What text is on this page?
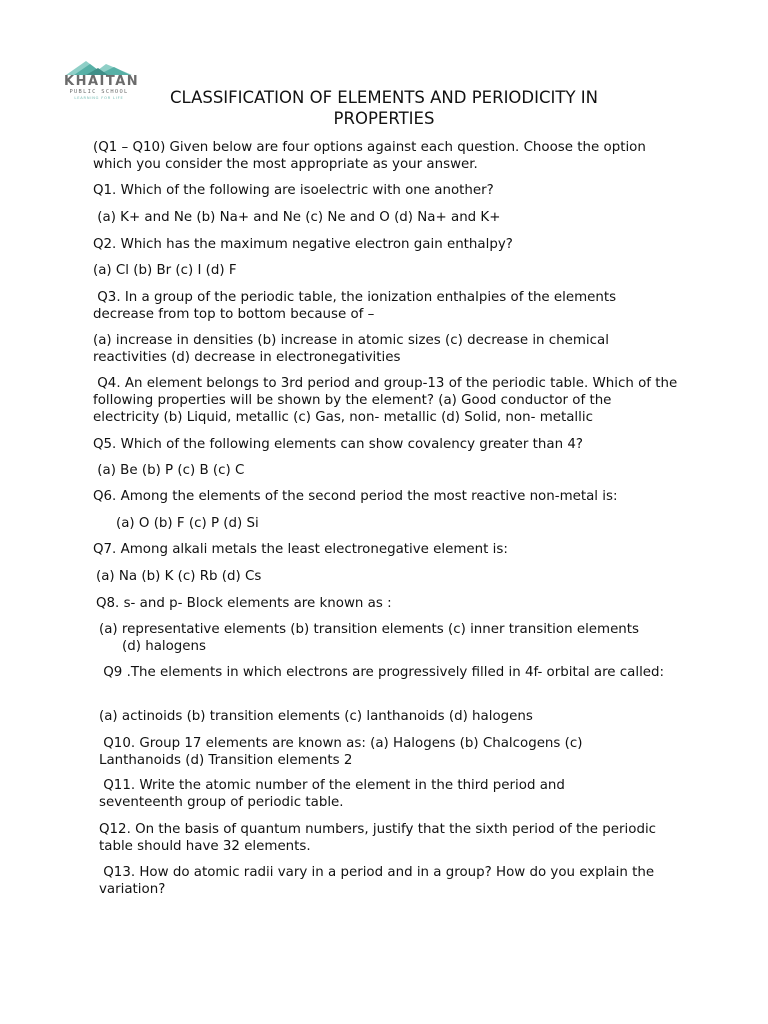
KHAITAN
PUBLIC SCHOOL
LEARNING FOR LIFE	CLASSIFICATION OF ELEMENTS AND PERIODICITY IN
PROPERTIES

(Q1 – Q10) Given below are four options against each question. Choose the option which you consider the most appropriate as your answer.

Q1. Which of the following are isoelectric with one another?

(a) K+ and Ne (b) Na+ and Ne (c) Ne and O (d) Na+ and K+

Q2. Which has the maximum negative electron gain enthalpy?

(a) Cl (b) Br (c) I (d) F

Q3. In a group of the periodic table, the ionization enthalpies of the elements decrease from top to bottom because of –

(a) increase in densities (b) increase in atomic sizes (c) decrease in chemical reactivities (d) decrease in electronegativities

Q4. An element belongs to 3rd period and group-13 of the periodic table. Which of the following properties will be shown by the element? (a) Good conductor of the electricity (b) Liquid, metallic (c) Gas, non- metallic (d) Solid, non- metallic

Q5. Which of the following elements can show covalency greater than 4?

(a) Be (b) P (c) B (c) C

Q6. Among the elements of the second period the most reactive non-metal is:

(a) O (b) F (c) P (d) Si

Q7. Among alkali metals the least electronegative element is:

(a) Na (b) K (c) Rb (d) Cs

Q8. s- and p- Block elements are known as :

(a) representative elements (b) transition elements (c) inner transition elements

(d) halogens

Q9 .The elements in which electrons are progressively filled in 4f- orbital are called:

(a) actinoids (b) transition elements (c) lanthanoids (d) halogens

Q10. Group 17 elements are known as: (a) Halogens (b) Chalcogens (c) Lanthanoids (d) Transition elements 2

Q11. Write the atomic number of the element in the third period and seventeenth group of periodic table.

Q12. On the basis of quantum numbers, justify that the sixth period of the periodic table should have 32 elements.

Q13. How do atomic radii vary in a period and in a group? How do you explain the variation?
